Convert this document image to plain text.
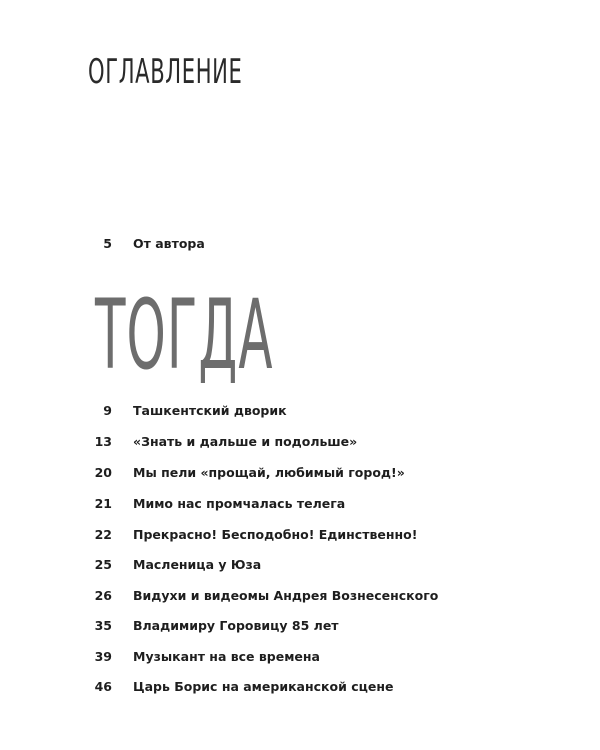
ОГЛАВЛЕНИЕ
5 От автора
ТОГДА
9 Ташкентский дворик
13 «Знать и дальше и подольше»
20 Мы пели «прощай, любимый город!»
21 Мимо нас промчалась телега
22 Прекрасно! Бесподобно! Единственно!
25 Масленица у Юза
26 Видухи и видеомы Андрея Вознесенского
35 Владимиру Горовицу 85 лет
39 Музыкант на все времена
46 Царь Борис на американской сцене
